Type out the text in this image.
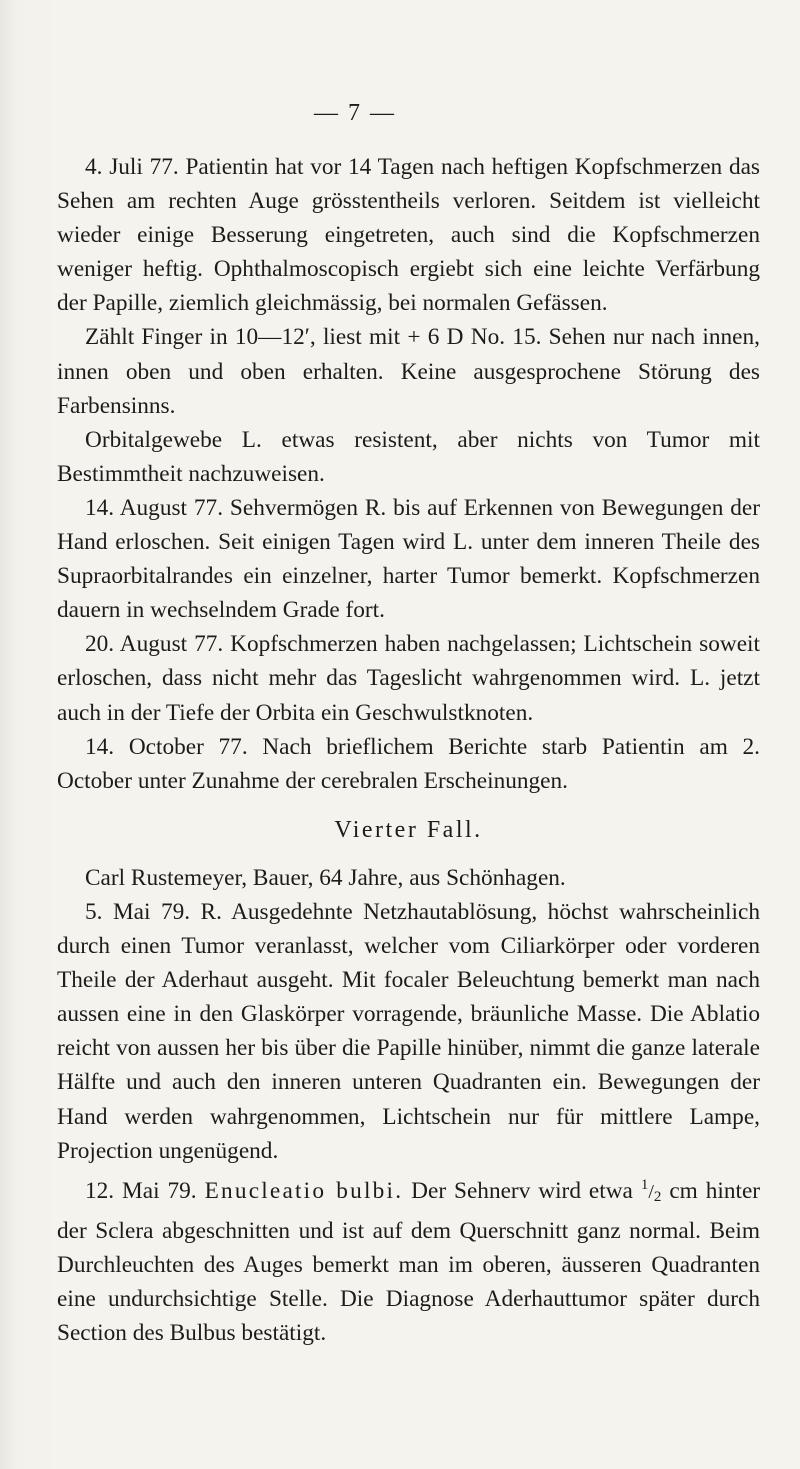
— 7 —

4. Juli 77. Patientin hat vor 14 Tagen nach heftigen Kopfschmerzen das Sehen am rechten Auge grösstentheils verloren. Seitdem ist vielleicht wieder einige Besserung eingetreten, auch sind die Kopfschmerzen weniger heftig. Ophthalmoscopisch ergiebt sich eine leichte Verfärbung der Papille, ziemlich gleichmässig, bei normalen Gefässen.

Zählt Finger in 10—12′, liest mit + 6 D No. 15. Sehen nur nach innen, innen oben und oben erhalten. Keine ausgesprochene Störung des Farbensinns.

Orbitalgewebe L. etwas resistent, aber nichts von Tumor mit Bestimmtheit nachzuweisen.

14. August 77. Sehvermögen R. bis auf Erkennen von Bewegungen der Hand erloschen. Seit einigen Tagen wird L. unter dem inneren Theile des Supraorbitalrandes ein einzelner, harter Tumor bemerkt. Kopfschmerzen dauern in wechselndem Grade fort.

20. August 77. Kopfschmerzen haben nachgelassen; Lichtschein soweit erloschen, dass nicht mehr das Tageslicht wahrgenommen wird. L. jetzt auch in der Tiefe der Orbita ein Geschwulstknoten.

14. October 77. Nach brieflichem Berichte starb Patientin am 2. October unter Zunahme der cerebralen Erscheinungen.

Vierter Fall.

Carl Rustemeyer, Bauer, 64 Jahre, aus Schönhagen.

5. Mai 79. R. Ausgedehnte Netzhautablösung, höchst wahrscheinlich durch einen Tumor veranlasst, welcher vom Ciliarkörper oder vorderen Theile der Aderhaut ausgeht. Mit focaler Beleuchtung bemerkt man nach aussen eine in den Glaskörper vorragende, bräunliche Masse. Die Ablatio reicht von aussen her bis über die Papille hinüber, nimmt die ganze laterale Hälfte und auch den inneren unteren Quadranten ein. Bewegungen der Hand werden wahrgenommen, Lichtschein nur für mittlere Lampe, Projection ungenügend.

12. Mai 79. Enucleatio bulbi. Der Sehnerv wird etwa $^1$/2 cm hinter der Sclera abgeschnitten und ist auf dem Querschnitt ganz normal. Beim Durchleuchten des Auges bemerkt man im oberen, äusseren Quadranten eine undurchsichtige Stelle. Die Diagnose Aderhauttumor später durch Section des Bulbus bestätigt.
